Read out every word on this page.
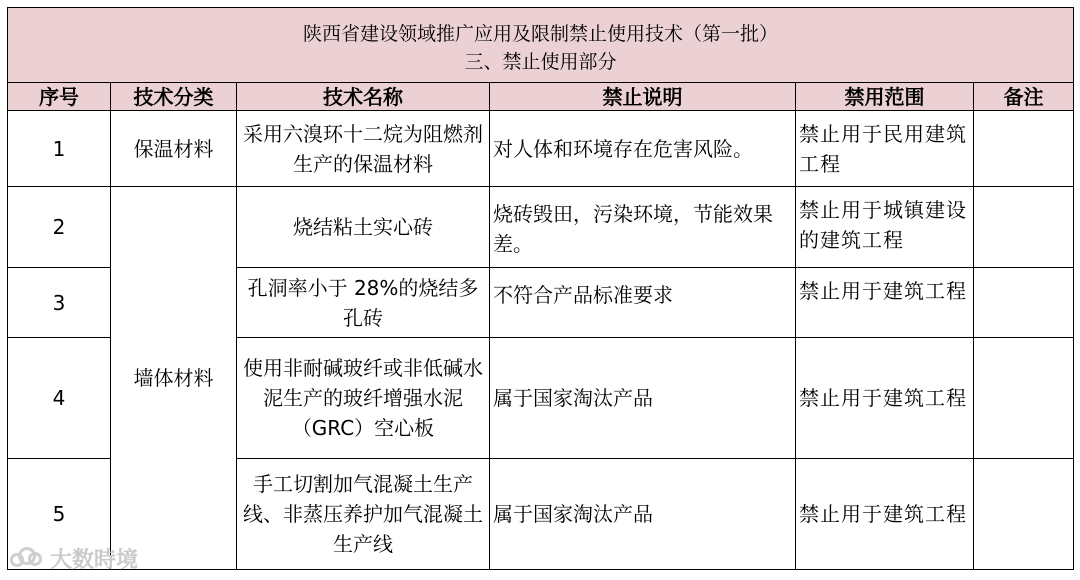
陕西省建设领域推广应用及限制禁止使用技术（第一批）
三、禁止使用部分					

序号	技术分类	技术名称	禁止说明	禁用范围	备注
1	保温材料	采用六溴环十二烷为阻燃剂生产的保温材料	对人体和环境存在危害风险。	禁止用于民用建筑工程	
2	墙体材料	烧结粘土实心砖	烧砖毁田，污染环境，节能效果差。	禁止用于城镇建设的建筑工程	
3		孔洞率小于 28%的烧结多孔砖	不符合产品标准要求	禁止用于建筑工程	
4		使用非耐碱玻纤或非低碱水泥生产的玻纤增强水泥（GRC）空心板	属于国家淘汰产品	禁止用于建筑工程	
5		手工切割加气混凝土生产线、非蒸压养护加气混凝土生产线	属于国家淘汰产品	禁止用于建筑工程	
大数時境
